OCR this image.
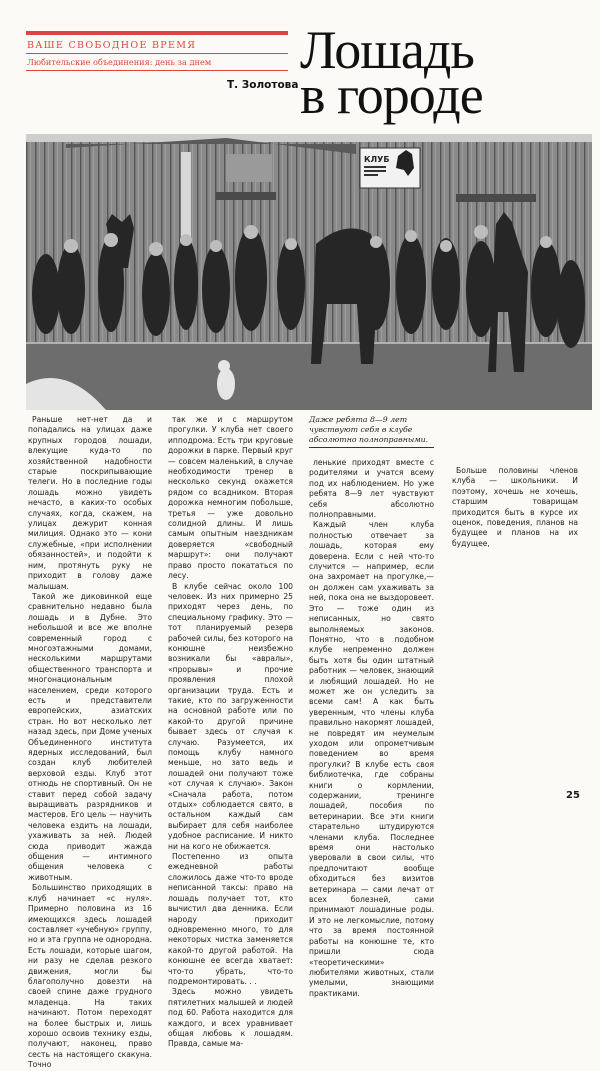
ВАШЕ СВОБОДНОЕ ВРЕМЯ
Любительские объединения: день за днем
Т. Золотова
Лошадь
в городе
КЛУБ

Раньше нет-нет да и попадались на улицах даже крупных городов лошади, влекущие куда-то по хозяйственной надобности старые поскрипывающие телеги. Но в последние годы лошадь можно увидеть нечасто, в каких-то особых случаях, когда, скажем, на улицах дежурит конная милиция. Однако это — кони служебные, «при исполнении обязанностей», и подойти к ним, протянуть руку не приходит в голову даже малышам.

Такой же диковинкой еще сравнительно недавно была лошадь и в Дубне. Это небольшой и все же вполне современный город с многоэтажными домами, несколькими маршрутами общественного транспорта и многонациональным населением, среди которого есть и представители европейских, азиатских стран. Но вот несколько лет назад здесь, при Доме ученых Объединенного института ядерных исследований, был создан клуб любителей верховой езды. Клуб этот отнюдь не спортивный. Он не ставит перед собой задачу выращивать разрядников и мастеров. Его цель — научить человека ездить на лошади, ухаживать за ней. Людей сюда приводит жажда общения — интимного общения человека с животным.

Большинство приходящих в клуб начинает «с нуля». Примерно половина из 16 имеющихся здесь лошадей составляет «учебную» группу, но и эта группа не однородна. Есть лошади, которые шагом, ни разу не сделав резкого движения, могли бы благополучно довезти на своей спине даже грудного младенца. На таких начинают. Потом переходят на более быстрых и, лишь хорошо освоив технику езды, получают, наконец, право сесть на настоящего скакуна. Точно

так же и с маршрутом прогулки. У клуба нет своего ипподрома. Есть три круговые дорожки в парке. Первый круг — совсем маленький, в случае необходимости тренер в несколько секунд окажется рядом со всадником. Вторая дорожка немногим побольше, третья — уже довольно солидной длины. И лишь самым опытным наездникам доверяется «свободный маршрут»: они получают право просто покататься по лесу.

В клубе сейчас около 100 человек. Из них примерно 25 приходят через день, по специальному графику. Это — тот планируемый резерв рабочей силы, без которого на конюшне неизбежно возникали бы «авралы», «прорывы» и прочие проявления плохой организации труда. Есть и такие, кто по загруженности на основной работе или по какой-то другой причине бывает здесь от случая к случаю. Разумеется, их помощь клубу намного меньше, но зато ведь и лошадей они получают тоже «от случая к случаю». Закон «Сначала работа, потом отдых» соблюдается свято, в остальном каждый сам выбирает для себя наиболее удобное расписание. И никто ни на кого не обижается.

Постепенно из опыта ежедневной работы сложилось даже что-то вроде неписанной таксы: право на лошадь получает тот, кто вычистил два денника. Если народу приходит одновременно много, то для некоторых чистка заменяется какой-то другой работой. На конюшне ее всегда хватает: что-то убрать, что-то подремонтировать. . .

Здесь можно увидеть пятилетних малышей и людей под 60. Работа находится для каждого, и всех уравнивает общая любовь к лошадям. Правда, самые ма-

Даже ребята 8—9 лет чувствуют себя в клубе абсолютно полноправными.

ленькие приходят вместе с родителями и учатся всему под их наблюдением. Но уже ребята 8—9 лет чувствуют себя абсолютно полноправными.

Каждый член клуба полностью отвечает за лошадь, которая ему доверена. Если с ней что-то случится — например, если она захромает на прогулке,— он должен сам ухаживать за ней, пока она не выздоровеет. Это — тоже один из неписанных, но свято выполняемых законов. Понятно, что в подобном клубе непременно должен быть хотя бы один штатный работник — человек, знающий и любящий лошадей. Но не может же он уследить за всеми сам! А как быть уверенным, что члены клуба правильно накормят лошадей, не повредят им неумелым уходом или опрометчивым поведением во время прогулки? В клубе есть своя библиотечка, где собраны книги о кормлении, содержании, тренинге лошадей, пособия по ветеринарии. Все эти книги старательно штудируются членами клуба. Последнее время они настолько уверовали в свои силы, что предпочитают вообще обходиться без визитов ветеринара — сами лечат от всех болезней, сами принимают лошадиные роды. И это не легкомыслие, потому что за время постоянной работы на конюшне те, кто пришли сюда «теоретическими» любителями животных, стали умелыми, знающими практиками.

Больше половины членов клуба — школьники. И поэтому, хочешь не хочешь, старшим товарищам приходится быть в курсе их оценок, поведения, планов на будущее и планов на их будущее,

25
